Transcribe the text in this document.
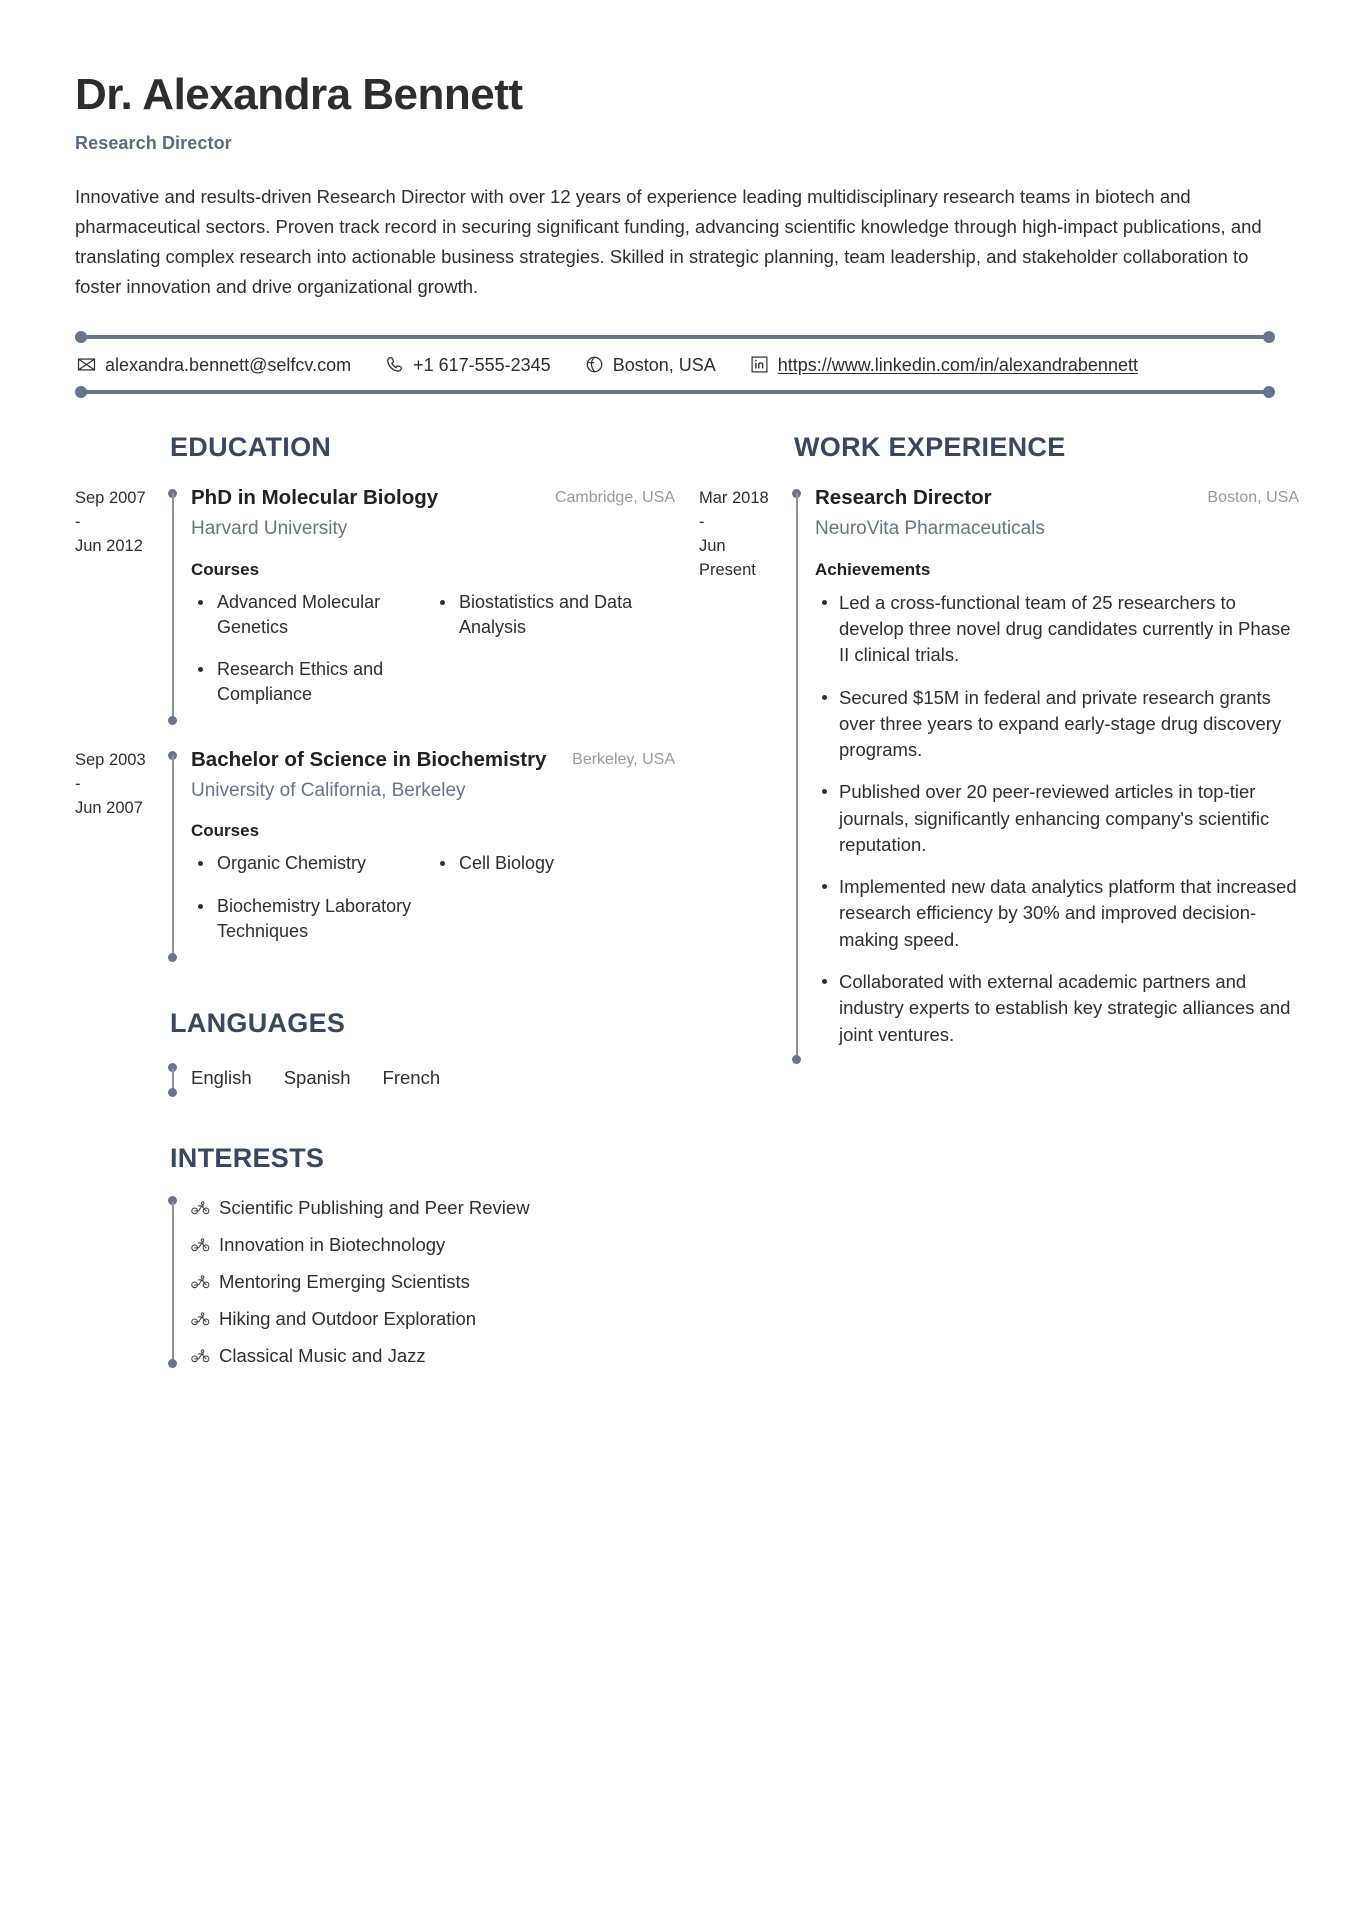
Dr. Alexandra Bennett
Research Director

Innovative and results-driven Research Director with over 12 years of experience leading multidisciplinary research teams in biotech and pharmaceutical sectors. Proven track record in securing significant funding, advancing scientific knowledge through high-impact publications, and translating complex research into actionable business strategies. Skilled in strategic planning, team leadership, and stakeholder collaboration to foster innovation and drive organizational growth.

alexandra.bennett@selfcv.com	+1 617-555-2345	Boston, USA	https://www.linkedin.com/in/alexandrabennett
EDUCATION
Sep 2007
-
Jun 2012
PhD in Molecular Biology	Cambridge, USA
Harvard University
Courses
Advanced Molecular Genetics
Research Ethics and Compliance
Biostatistics and Data Analysis
Sep 2003
-
Jun 2007
Bachelor of Science in Biochemistry	Berkeley, USA
University of California, Berkeley
Courses
Organic Chemistry
Biochemistry Laboratory Techniques
Cell Biology
LANGUAGES
English Spanish French
INTERESTS
Scientific Publishing and Peer Review
Innovation in Biotechnology
Mentoring Emerging Scientists
Hiking and Outdoor Exploration
Classical Music and Jazz
WORK EXPERIENCE
Mar 2018
-
Jun
Present
Research Director	Boston, USA
NeuroVita Pharmaceuticals
Achievements
Led a cross-functional team of 25 researchers to develop three novel drug candidates currently in Phase II clinical trials.
Secured $15M in federal and private research grants over three years to expand early-stage drug discovery programs.
Published over 20 peer-reviewed articles in top-tier journals, significantly enhancing company's scientific reputation.
Implemented new data analytics platform that increased research efficiency by 30% and improved decision-making speed.
Collaborated with external academic partners and industry experts to establish key strategic alliances and joint ventures.
